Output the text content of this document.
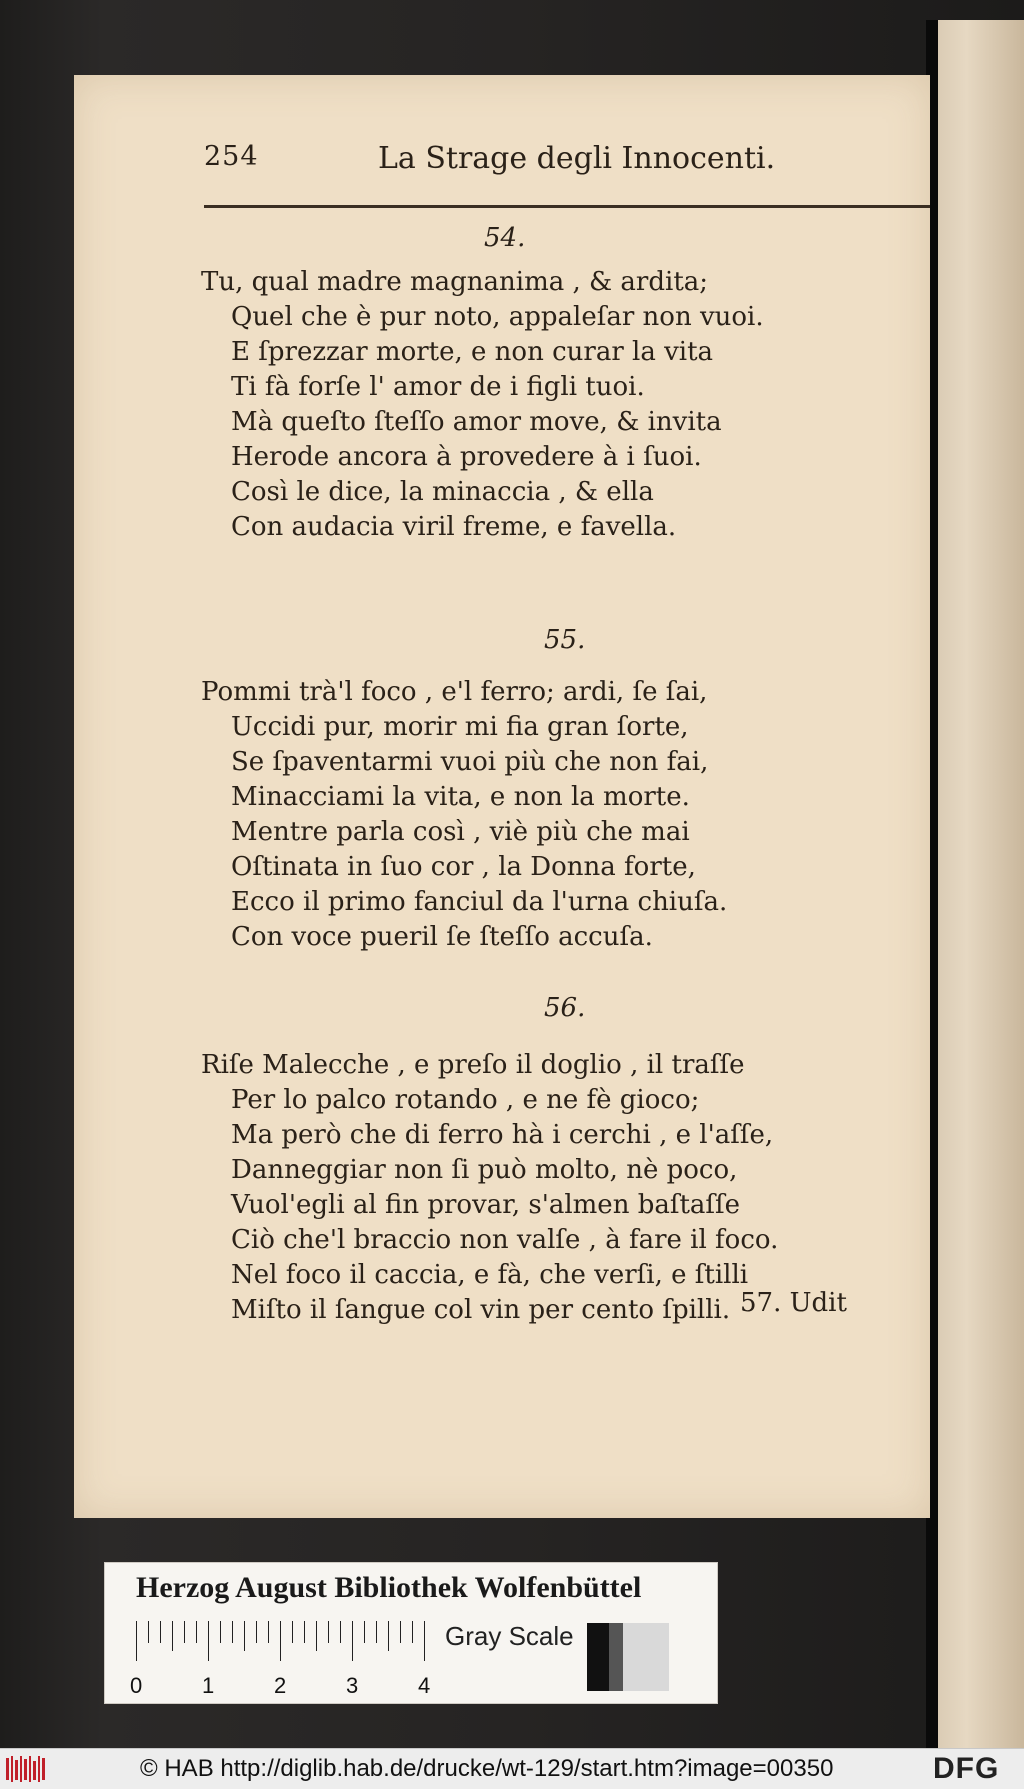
254	La Strage degli Innocenti.
54.
Tu, qual madre magnanima , & ardita;
Quel che è pur noto, appaleſar non vuoi.
E ſprezzar morte, e non curar la vita
Ti fà forſe l' amor de i figli tuoi.
Mà queſto ſteſſo amor move, & invita
Herode ancora à provedere à i ſuoi.
Così le dice, la minaccia , & ella
Con audacia viril freme, e favella.
55.
Pommi trà'l foco , e'l ferro; ardi, ſe ſai,
Uccidi pur, morir mi fia gran ſorte,
Se ſpaventarmi vuoi più che non fai,
Minacciami la vita, e non la morte.
Mentre parla così , viè più che mai
Oſtinata in ſuo cor , la Donna forte,
Ecco il primo fanciul da l'urna chiuſa.
Con voce pueril ſe ſteſſo accuſa.
56.
Riſe Malecche , e preſo il doglio , il traſſe
Per lo palco rotando , e ne fè gioco;
Ma però che di ferro hà i cerchi , e l'aſſe,
Danneggiar non ſi può molto, nè poco,
Vuol'egli al fin provar, s'almen baſtaſſe
Ciò che'l braccio non valſe , à fare il foco.
Nel foco il caccia, e fà, che verſi, e ſtilli
Miſto il ſangue col vin per cento ſpilli. 57. Udit
Herzog August Bibliothek Wolfenbüttel
0	1	2	3	4
Gray Scale
© HAB http://diglib.hab.de/drucke/wt-129/start.htm?image=00350	DFG
